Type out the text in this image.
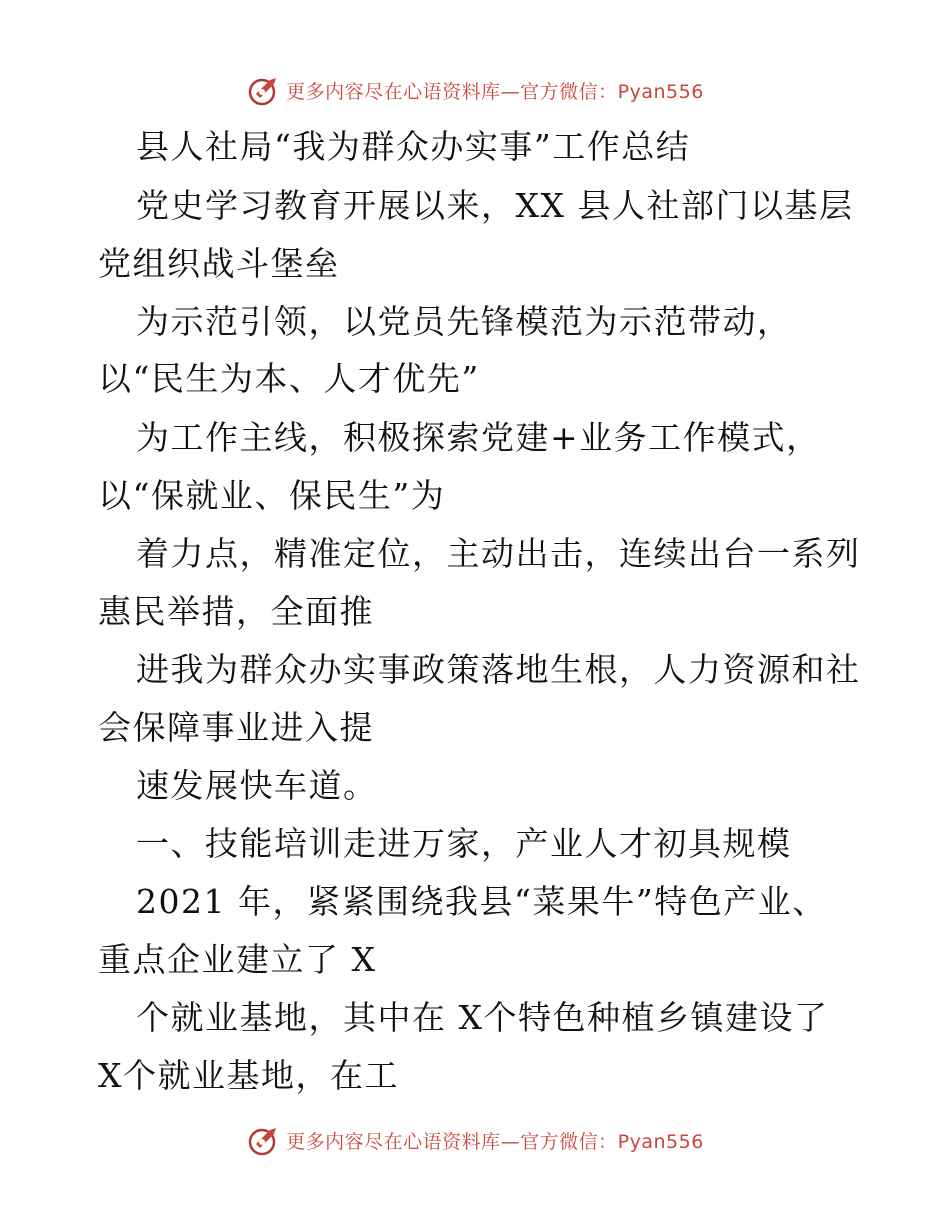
更多内容尽在心语资料库—官方微信：Pyan556
县人社局“我为群众办实事”工作总结
党史学习教育开展以来，XX 县人社部门以基层
党组织战斗堡垒
为示范引领，以党员先锋模范为示范带动，
以“民生为本、人才优先”
为工作主线，积极探索党建+业务工作模式，
以“保就业、保民生”为
着力点，精准定位，主动出击，连续出台一系列
惠民举措，全面推
进我为群众办实事政策落地生根，人力资源和社
会保障事业进入提
速发展快车道。
一、技能培训走进万家，产业人才初具规模
2021 年，紧紧围绕我县“菜果牛”特色产业、
重点企业建立了 X
个就业基地，其中在 X个特色种植乡镇建设了
X个就业基地，在工
更多内容尽在心语资料库—官方微信：Pyan556
